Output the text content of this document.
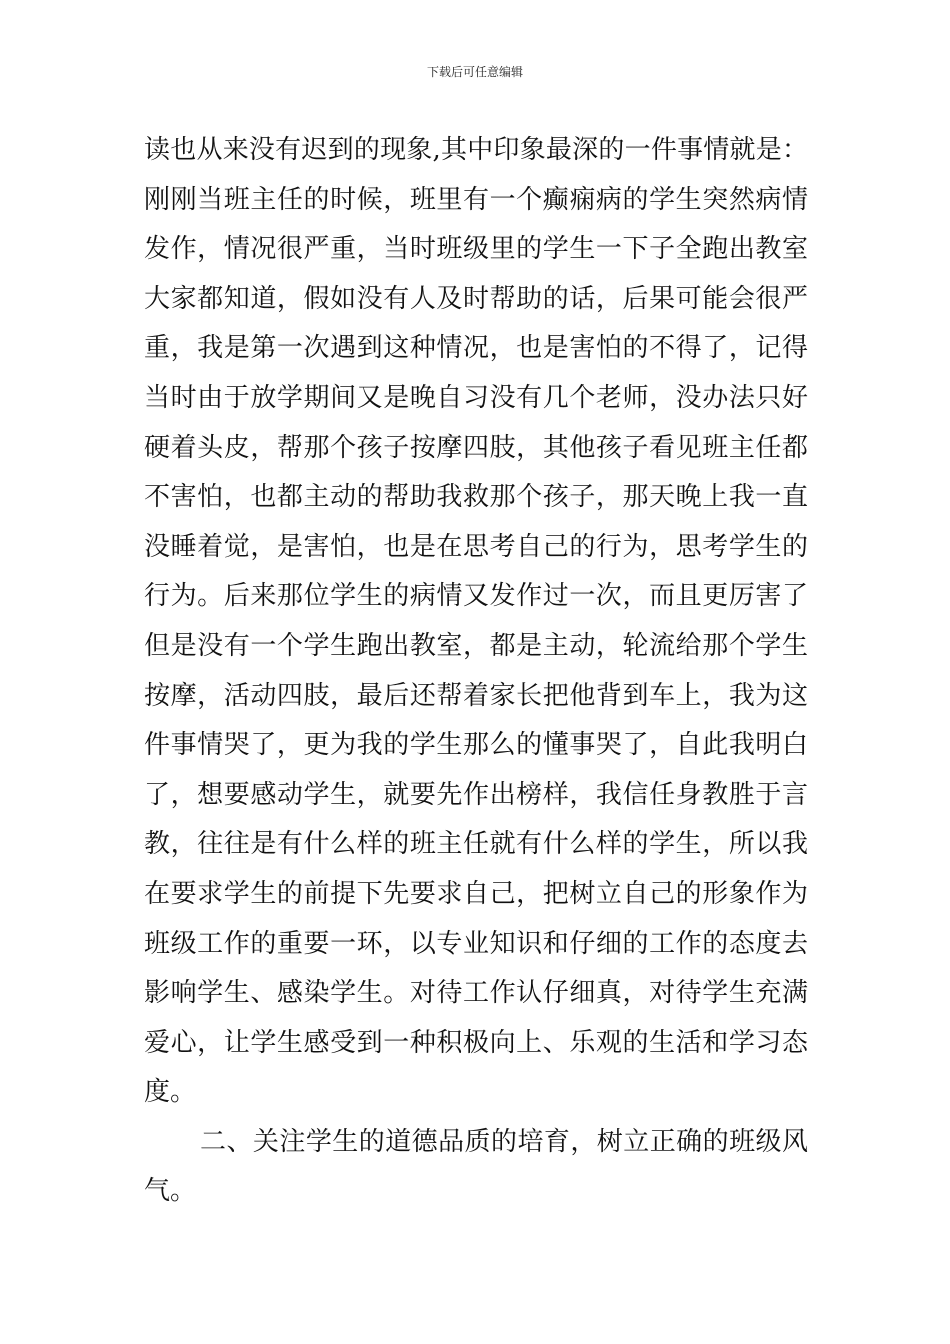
下载后可任意编辑
读也从来没有迟到的现象,其中印象最深的一件事情就是：
刚刚当班主任的时候，班里有一个癫痫病的学生突然病情
发作，情况很严重，当时班级里的学生一下子全跑出教室
大家都知道，假如没有人及时帮助的话，后果可能会很严
重，我是第一次遇到这种情况，也是害怕的不得了，记得
当时由于放学期间又是晚自习没有几个老师，没办法只好
硬着头皮，帮那个孩子按摩四肢，其他孩子看见班主任都
不害怕，也都主动的帮助我救那个孩子，那天晚上我一直
没睡着觉，是害怕，也是在思考自己的行为，思考学生的
行为。后来那位学生的病情又发作过一次，而且更厉害了
但是没有一个学生跑出教室，都是主动，轮流给那个学生
按摩，活动四肢，最后还帮着家长把他背到车上，我为这
件事情哭了，更为我的学生那么的懂事哭了，自此我明白
了，想要感动学生，就要先作出榜样，我信任身教胜于言
教，往往是有什么样的班主任就有什么样的学生，所以我
在要求学生的前提下先要求自己，把树立自己的形象作为
班级工作的重要一环，以专业知识和仔细的工作的态度去
影响学生、感染学生。对待工作认仔细真，对待学生充满
爱心，让学生感受到一种积极向上、乐观的生活和学习态
度。
二、关注学生的道德品质的培育，树立正确的班级风
气。
